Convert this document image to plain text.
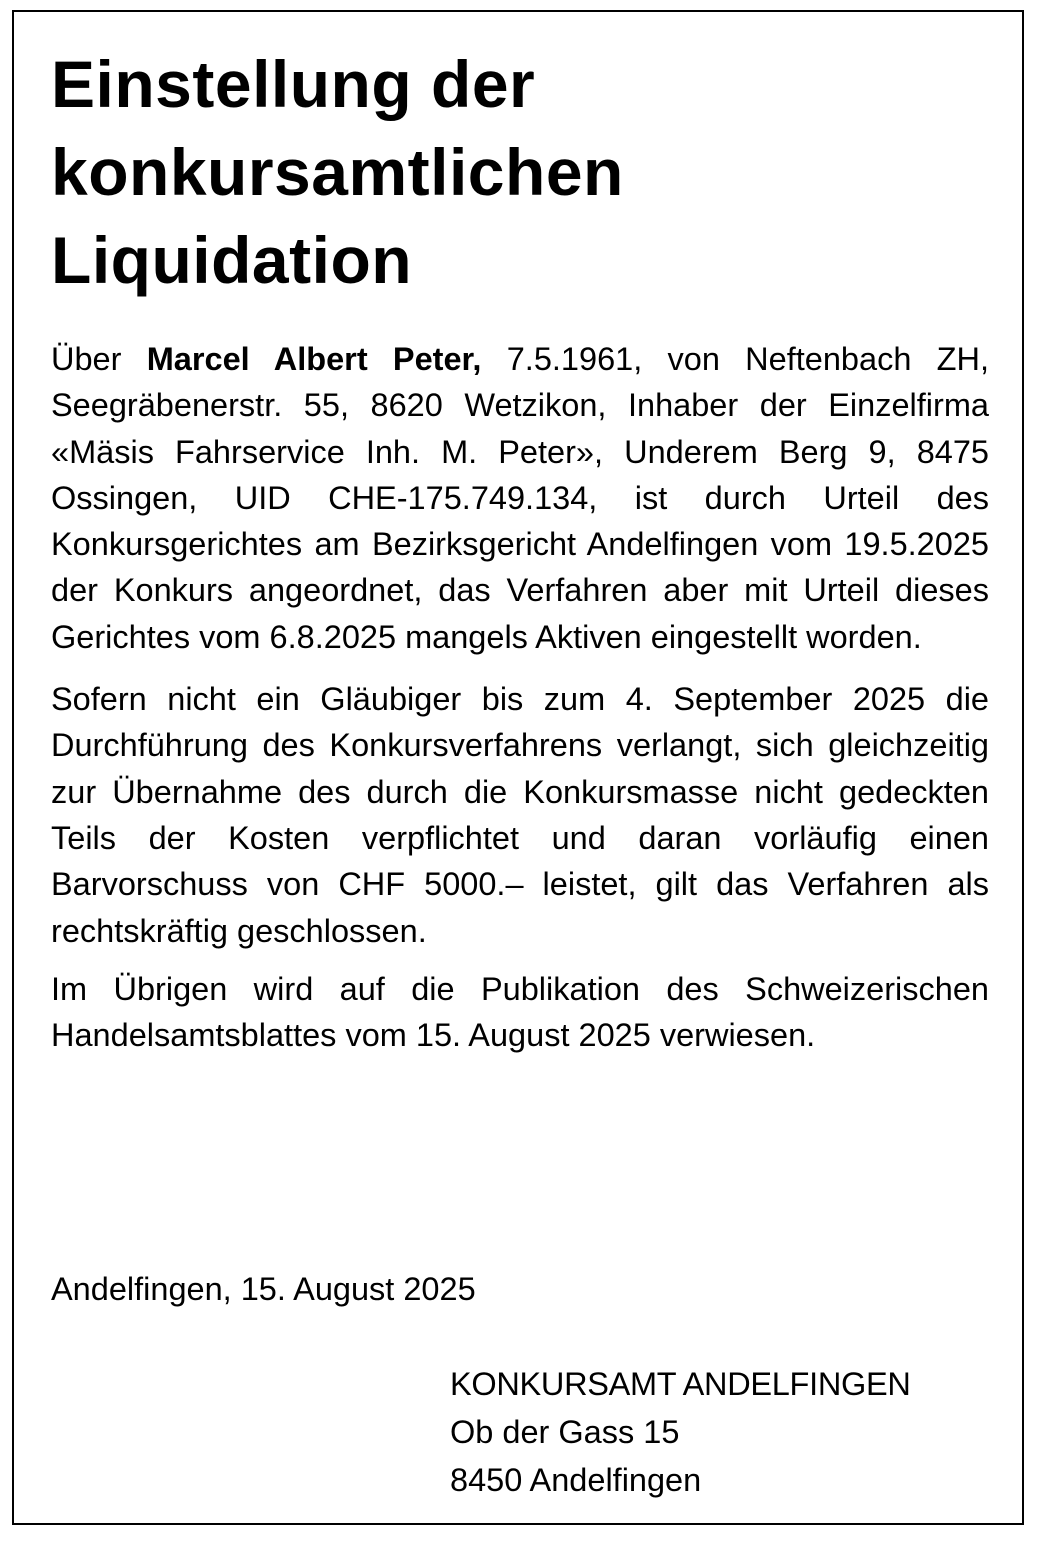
Einstellung der
konkursamtlichen
Liquidation

Über Marcel Albert Peter, 7.5.1961, von Neftenbach ZH, Seegräbenerstr. 55, 8620 Wetzikon, Inhaber der Einzelfirma «Mäsis Fahrservice Inh. M. Peter», Underem Berg 9, 8475 Ossingen, UID CHE-175.749.134, ist durch Urteil des Konkursgerichtes am Bezirksgericht Andelfingen vom 19.5.2025 der Konkurs angeordnet, das Verfahren aber mit Urteil dieses Gerichtes vom 6.8.2025 mangels Aktiven eingestellt worden.

Sofern nicht ein Gläubiger bis zum 4. September 2025 die Durchführung des Konkursverfahrens verlangt, sich gleichzeitig zur Übernahme des durch die Konkursmasse nicht gedeckten Teils der Kosten verpflichtet und daran vorläufig einen Barvorschuss von CHF 5000.– leistet, gilt das Verfahren als rechtskräftig geschlossen.

Im Übrigen wird auf die Publikation des Schweizerischen Handelsamtsblattes vom 15. August 2025 verwiesen.

Andelfingen, 15. August 2025

KONKURSAMT ANDELFINGEN
Ob der Gass 15
8450 Andelfingen
